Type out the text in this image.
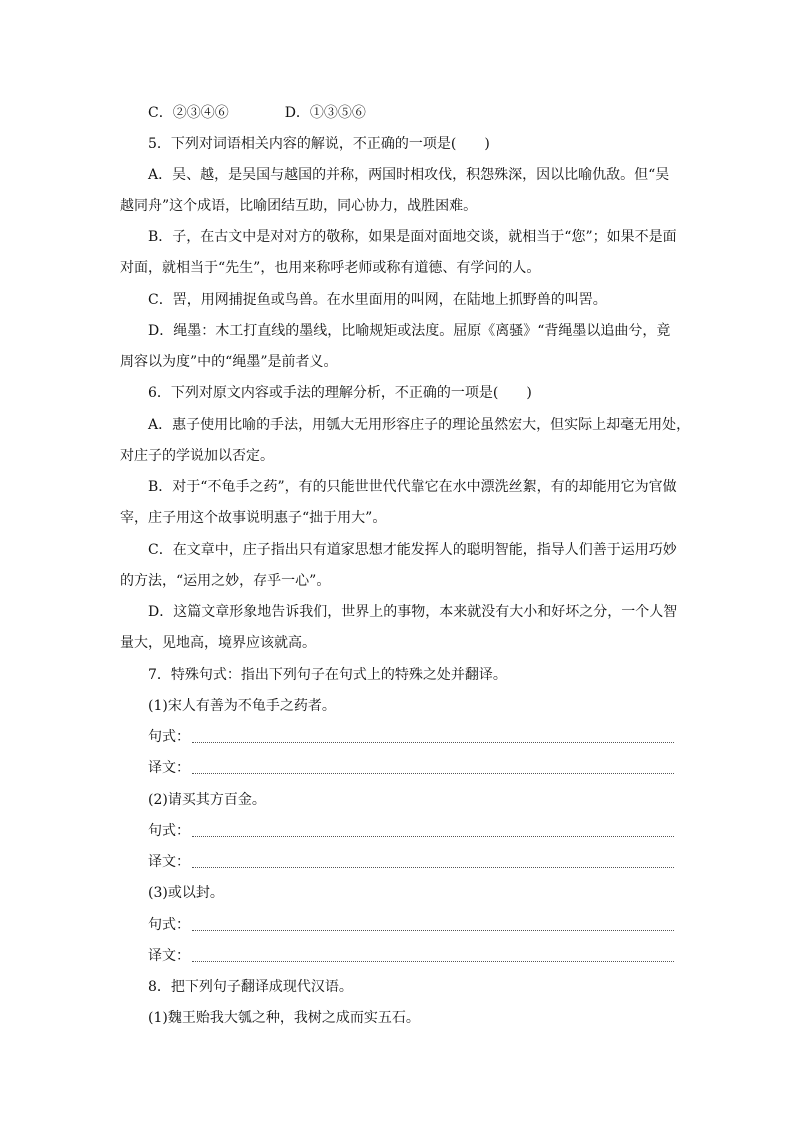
C．②③④⑥　　　　D．①③⑤⑥
5．下列对词语相关内容的解说，不正确的一项是(　　)
A．吴、越，是吴国与越国的并称，两国时相攻伐，积怨殊深，因以比喻仇敌。但“吴
越同舟”这个成语，比喻团结互助，同心协力，战胜困难。
B．子，在古文中是对对方的敬称，如果是面对面地交谈，就相当于“您”；如果不是面
对面，就相当于“先生”，也用来称呼老师或称有道德、有学问的人。
C．罟，用网捕捉鱼或鸟兽。在水里面用的叫网，在陆地上抓野兽的叫罟。
D．绳墨：木工打直线的墨线，比喻规矩或法度。屈原《离骚》“背绳墨以追曲兮，竟
周容以为度”中的“绳墨”是前者义。
6．下列对原文内容或手法的理解分析，不正确的一项是(　　)
A．惠子使用比喻的手法，用瓠大无用形容庄子的理论虽然宏大，但实际上却毫无用处，
对庄子的学说加以否定。
B．对于“不龟手之药”，有的只能世世代代靠它在水中漂洗丝絮，有的却能用它为官做
宰，庄子用这个故事说明惠子“拙于用大”。
C．在文章中，庄子指出只有道家思想才能发挥人的聪明智能，指导人们善于运用巧妙
的方法，“运用之妙，存乎一心”。
D．这篇文章形象地告诉我们，世界上的事物，本来就没有大小和好坏之分，一个人智
量大，见地高，境界应该就高。
7．特殊句式：指出下列句子在句式上的特殊之处并翻译。
(1)宋人有善为不龟手之药者。
句式：
译文：
(2)请买其方百金。
句式：
译文：
(3)或以封。
句式：
译文：
8．把下列句子翻译成现代汉语。
(1)魏王贻我大瓠之种，我树之成而实五石。
